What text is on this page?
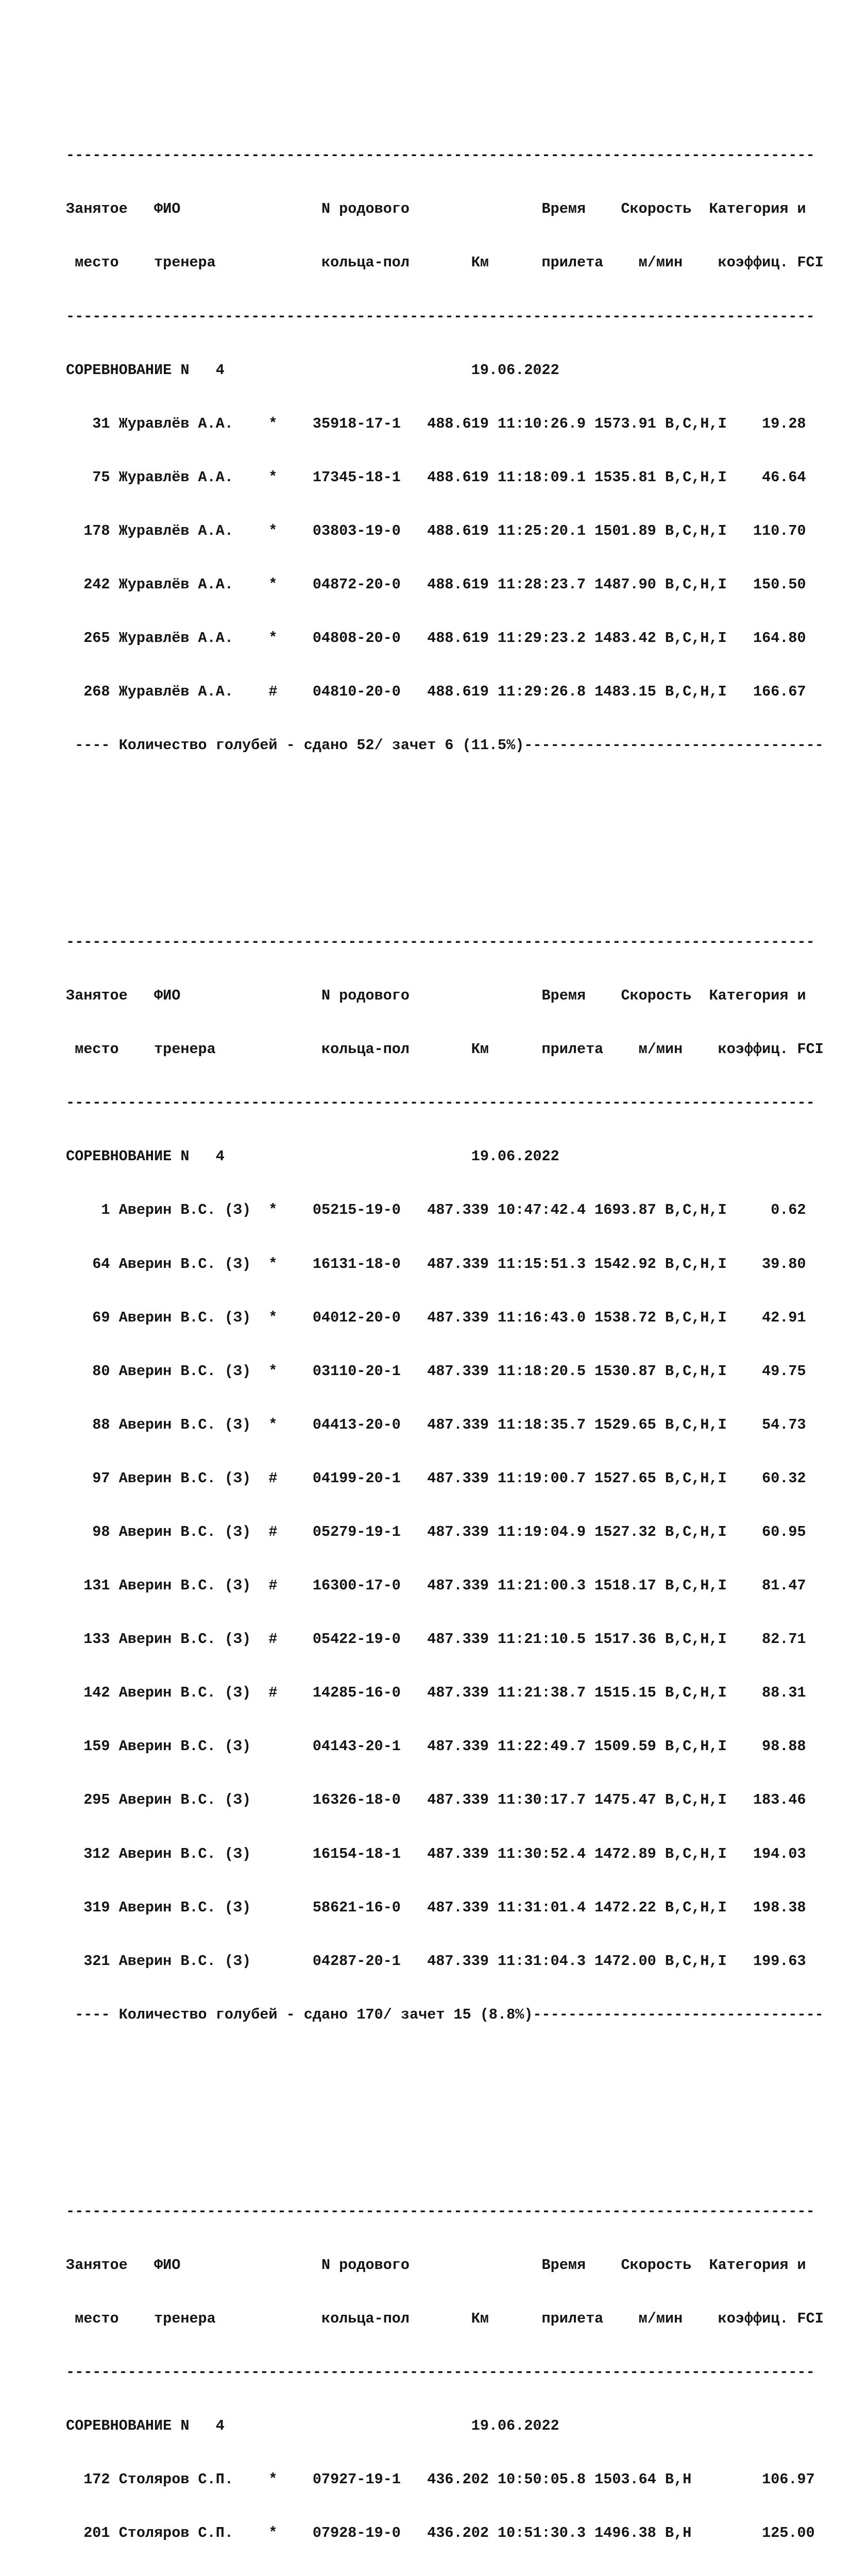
-------------------------------------------------------------------------------------

Занятое   ФИО                N родового               Время    Скорость  Категория и

место    тренера            кольца-пол       Км      прилета    м/мин    коэффиц. FCI

-------------------------------------------------------------------------------------

СОРЕВНОВАНИЕ N   4                            19.06.2022

31 Журавлёв А.А.    *    35918-17-1   488.619 11:10:26.9 1573.91 B,C,H,I    19.28

75 Журавлёв А.А.    *    17345-18-1   488.619 11:18:09.1 1535.81 B,C,H,I    46.64

178 Журавлёв А.А.    *    03803-19-0   488.619 11:25:20.1 1501.89 B,C,H,I   110.70

242 Журавлёв А.А.    *    04872-20-0   488.619 11:28:23.7 1487.90 B,C,H,I   150.50

265 Журавлёв А.А.    *    04808-20-0   488.619 11:29:23.2 1483.42 B,C,H,I   164.80

268 Журавлёв А.А.    #    04810-20-0   488.619 11:29:26.8 1483.15 B,C,H,I   166.67

---- Количество голубей - сдано 52/ зачет 6 (11.5%)----------------------------------

-------------------------------------------------------------------------------------

Занятое   ФИО                N родового               Время    Скорость  Категория и

место    тренера            кольца-пол       Км      прилета    м/мин    коэффиц. FCI

-------------------------------------------------------------------------------------

СОРЕВНОВАНИЕ N   4                            19.06.2022

1 Аверин В.С. (З)  *    05215-19-0   487.339 10:47:42.4 1693.87 B,C,H,I     0.62

64 Аверин В.С. (З)  *    16131-18-0   487.339 11:15:51.3 1542.92 B,C,H,I    39.80

69 Аверин В.С. (З)  *    04012-20-0   487.339 11:16:43.0 1538.72 B,C,H,I    42.91

80 Аверин В.С. (З)  *    03110-20-1   487.339 11:18:20.5 1530.87 B,C,H,I    49.75

88 Аверин В.С. (З)  *    04413-20-0   487.339 11:18:35.7 1529.65 B,C,H,I    54.73

97 Аверин В.С. (З)  #    04199-20-1   487.339 11:19:00.7 1527.65 B,C,H,I    60.32

98 Аверин В.С. (З)  #    05279-19-1   487.339 11:19:04.9 1527.32 B,C,H,I    60.95

131 Аверин В.С. (З)  #    16300-17-0   487.339 11:21:00.3 1518.17 B,C,H,I    81.47

133 Аверин В.С. (З)  #    05422-19-0   487.339 11:21:10.5 1517.36 B,C,H,I    82.71

142 Аверин В.С. (З)  #    14285-16-0   487.339 11:21:38.7 1515.15 B,C,H,I    88.31

159 Аверин В.С. (З)       04143-20-1   487.339 11:22:49.7 1509.59 B,C,H,I    98.88

295 Аверин В.С. (З)       16326-18-0   487.339 11:30:17.7 1475.47 B,C,H,I   183.46

312 Аверин В.С. (З)       16154-18-1   487.339 11:30:52.4 1472.89 B,C,H,I   194.03

319 Аверин В.С. (З)       58621-16-0   487.339 11:31:01.4 1472.22 B,C,H,I   198.38

321 Аверин В.С. (З)       04287-20-1   487.339 11:31:04.3 1472.00 B,C,H,I   199.63

---- Количество голубей - сдано 170/ зачет 15 (8.8%)---------------------------------

-------------------------------------------------------------------------------------

Занятое   ФИО                N родового               Время    Скорость  Категория и

место    тренера            кольца-пол       Км      прилета    м/мин    коэффиц. FCI

-------------------------------------------------------------------------------------

СОРЕВНОВАНИЕ N   4                            19.06.2022

172 Столяров С.П.    *    07927-19-1   436.202 10:50:05.8 1503.64 B,H        106.97

201 Столяров С.П.    *    07928-19-0   436.202 10:51:30.3 1496.38 B,H        125.00
